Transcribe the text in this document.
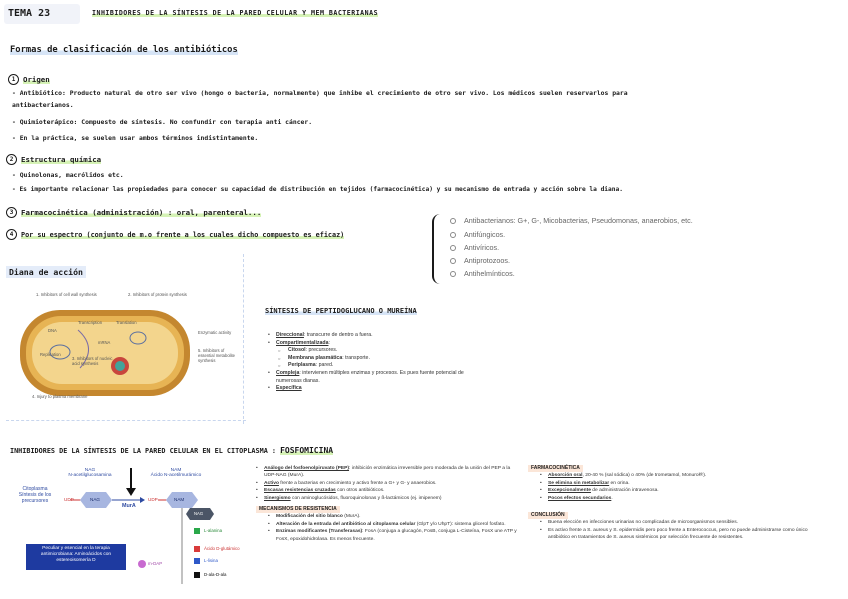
TEMA 23	INHIBIDORES DE LA SÍNTESIS DE LA PARED CELULAR Y MEM BACTERIANAS
Formas de clasificación de los antibióticos
1 Origen
- Antibiótico: Producto natural de otro ser vivo (hongo o bacteria, normalmente) que inhibe el crecimiento de otro ser vivo. Los médicos suelen reservarlos para
antibacterianos.
- Quimioterápico: Compuesto de síntesis. No confundir con terapia anti cáncer.
- En la práctica, se suelen usar ambos términos indistintamente.
2 Estructura química
- Quinolonas, macrólidos etc.
- Es importante relacionar las propiedades para conocer su capacidad de distribución en tejidos (farmacocinética) y su mecanismo de entrada y acción sobre la diana.
3 Farmacocinética (administración) : oral, parenteral...
4 Por su espectro (conjunto de m.o frente a los cuales dicho compuesto es eficaz)
Antibacterianos: G+, G-, Micobacterias, Pseudomonas, anaerobios, etc.
Antifúngicos.
Antivíricos.
Antiprotozoos.
Antihelmínticos.
Diana de acción
1. Inhibitors of cell wall synthesis	2. Inhibitors of protein synthesis
DNA
Transcription	Translation
mRNA
Replication
Enzymatic activity
5. Inhibitors of essential metabolite synthesis
3. Inhibitors of nucleic acid synthesis
4. Injury to plasma membrane
SÍNTESIS DE PEPTIDOGLUCANO O MUREÍNA
• Direccional: transcurre de dentro a fuera.
• Compartimentalizada:
○ Citosol: precursores.
○ Membrana plasmática: transporte.
○ Periplasma: pared.
• Compleja: intervienen múltiples enzimas y procesos. Es pues fuente potencial de
numerosas dianas.
• Específica
INHIBIDORES DE LA SÍNTESIS DE LA PARED CELULAR EN EL CITOPLASMA : FOSFOMICINA
NAG
N-acetilglucosamina
NAM
Ácido N-acetilmurámico
Citoplasma
Síntesis de los
precursores	UDP	NAG
MurA
UDP	NAM
NAG
L-alanina
Ácido D-glutámico
L-lisina
D-ala-D-ala
m-DAP
Peculiar y esencial en la terapia antimicrobiana: Aminoácidos con estereoisomería D
• Análogo del fosfoenolpiruvato (PEP): inhibición enzimática irreversible pero moderada de la unión del PEP a la UDP-NAG (MurA).
• Activo frente a bacterias en crecimiento y activo frente a G+ y G- y anaerobios.
• Escasas resistencias cruzadas con otros antibióticos.
• Sinergismo con aminoglucósidos, fluoroquinolonas y ß-lactámicos (ej. imipenem)
MECANISMOS DE RESISTENCIA
• Modificación del sitio blanco (MurA).
• Alteración de la entrada del antibiótico al citoplasma celular (GlpT y/o UhpT): sistema glicerol fosfato.
• Enzimas modificantes (Transferasas): FosA (conjuga a glucagón, FosB, conjuga L-Cisteína, FosX une ATP y FosX, epoxidohidrolasa. Es menos frecuente.
FARMACOCINÉTICA
• Absorción oral, 20-40 % (sal sódica) o 40% (de trometamol, Monurol®).
• Se elimina sin metabolizar en orina.
• Excepcionalmente de administración intravenosa.
• Pocos efectos secundarios.
CONCLUSIÓN
• Buena elección en infecciones urinarias no complicadas de microorganismos sensibles.
• Es activo frente a S. aureus y S. epidermidis pero poco frente a Enterococcus, pero no puede administrarse como único antibiótico en tratamientos de S. aureus sistémicos por selección frecuente de resistentes.
